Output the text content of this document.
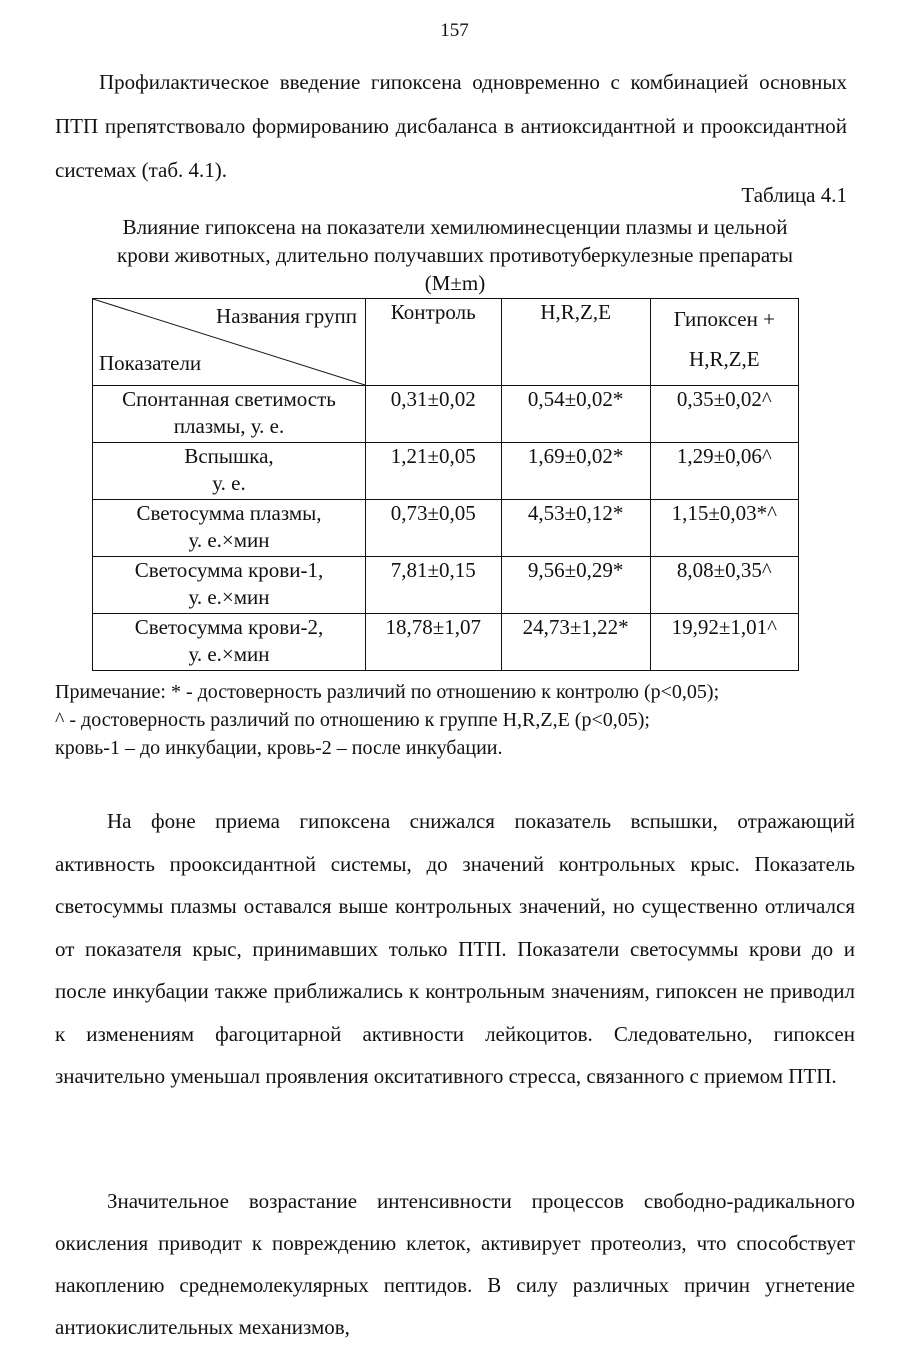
157

Профилактическое введение гипоксена одновременно с комбинацией основных ПТП препятствовало формированию дисбаланса в антиоксидантной и прооксидантной системах (таб. 4.1).

Таблица 4.1

Влияние гипоксена на показатели хемилюминесценции плазмы и цельной
крови животных, длительно получавших противотуберкулезные препараты
(M±m)

Названия групп
Показатели	Контроль	H,R,Z,E	Гипоксен +
H,R,Z,E
Спонтанная светимость
плазмы, у. е.	0,31±0,02	0,54±0,02*	0,35±0,02^
Вспышка,
у. е.	1,21±0,05	1,69±0,02*	1,29±0,06^
Светосумма плазмы,
у. е.×мин	0,73±0,05	4,53±0,12*	1,15±0,03*^
Светосумма крови-1,
у. е.×мин	7,81±0,15	9,56±0,29*	8,08±0,35^
Светосумма крови-2,
у. е.×мин	18,78±1,07	24,73±1,22*	19,92±1,01^
Примечание: * - достоверность различий по отношению к контролю (р<0,05);
^ - достоверность различий по отношению к группе H,R,Z,E (р<0,05);
кровь-1 – до инкубации, кровь-2 – после инкубации.

На фоне приема гипоксена снижался показатель вспышки, отражающий активность прооксидантной системы, до значений контрольных крыс. Показатель светосуммы плазмы оставался выше контрольных значений, но существенно отличался от показателя крыс, принимавших только ПТП. Показатели светосуммы крови до и после инкубации также приближались к контрольным значениям, гипоксен не приводил к изменениям фагоцитарной активности лейкоцитов. Следовательно, гипоксен значительно уменьшал проявления окситативного стресса, связанного с приемом ПТП.

Значительное возрастание интенсивности процессов свободно-радикального окисления приводит к повреждению клеток, активирует протеолиз, что способствует накоплению среднемолекулярных пептидов. В силу различных причин угнетение антиокислительных механизмов,
